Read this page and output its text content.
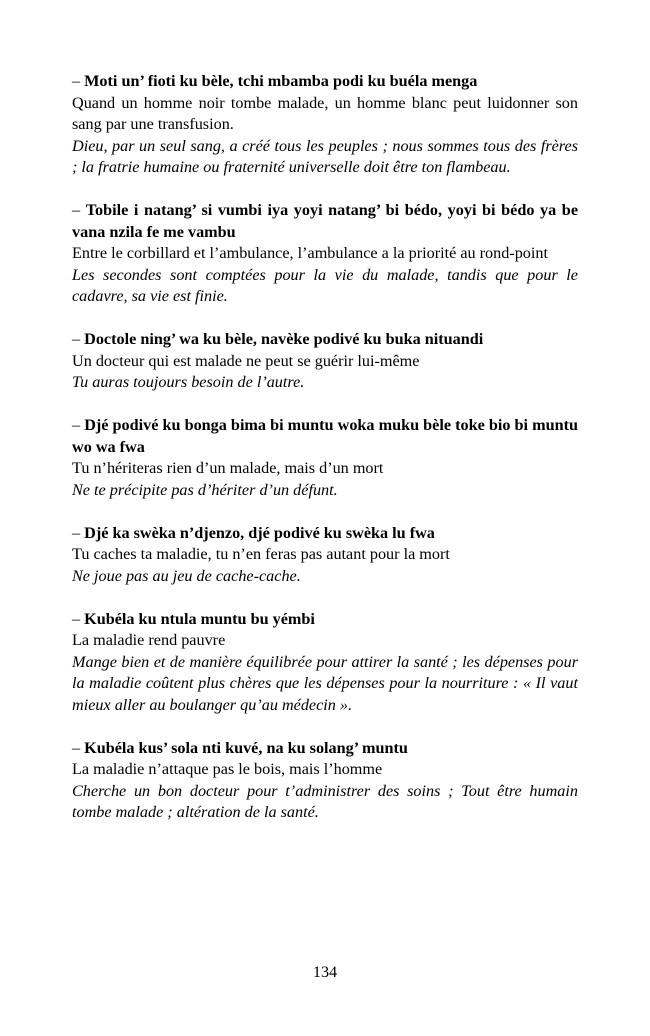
– Moti un’ fioti ku bèle, tchi mbamba podi ku buéla menga

Quand un homme noir tombe malade, un homme blanc peut luidonner son sang par une transfusion.

Dieu, par un seul sang, a créé tous les peuples ; nous sommes tous des frères ; la fratrie humaine ou fraternité universelle doit être ton flambeau.

– Tobile i natang’ si vumbi iya yoyi natang’ bi bédo, yoyi bi bédo ya be vana nzila fe me vambu

Entre le corbillard et l’ambulance, l’ambulance a la priorité au rond-point

Les secondes sont comptées pour la vie du malade, tandis que pour le cadavre, sa vie est finie.

– Doctole ning’ wa ku bèle, navèke podivé ku buka nituandi

Un docteur qui est malade ne peut se guérir lui-même

Tu auras toujours besoin de l’autre.

– Djé podivé ku bonga bima bi muntu woka muku bèle toke bio bi muntu wo wa fwa

Tu n’hériteras rien d’un malade, mais d’un mort

Ne te précipite pas d’hériter d’un défunt.

– Djé ka swèka n’djenzo, djé podivé ku swèka lu fwa

Tu caches ta maladie, tu n’en feras pas autant pour la mort

Ne joue pas au jeu de cache-cache.

– Kubéla ku ntula muntu bu yémbi

La maladie rend pauvre

Mange bien et de manière équilibrée pour attirer la santé ; les dépenses pour la maladie coûtent plus chères que les dépenses pour la nourriture : « Il vaut mieux aller au boulanger qu’au médecin ».

– Kubéla kus’ sola nti kuvé, na ku solang’ muntu

La maladie n’attaque pas le bois, mais l’homme

Cherche un bon docteur pour t’administrer des soins ; Tout être humain tombe malade ; altération de la santé.

134
